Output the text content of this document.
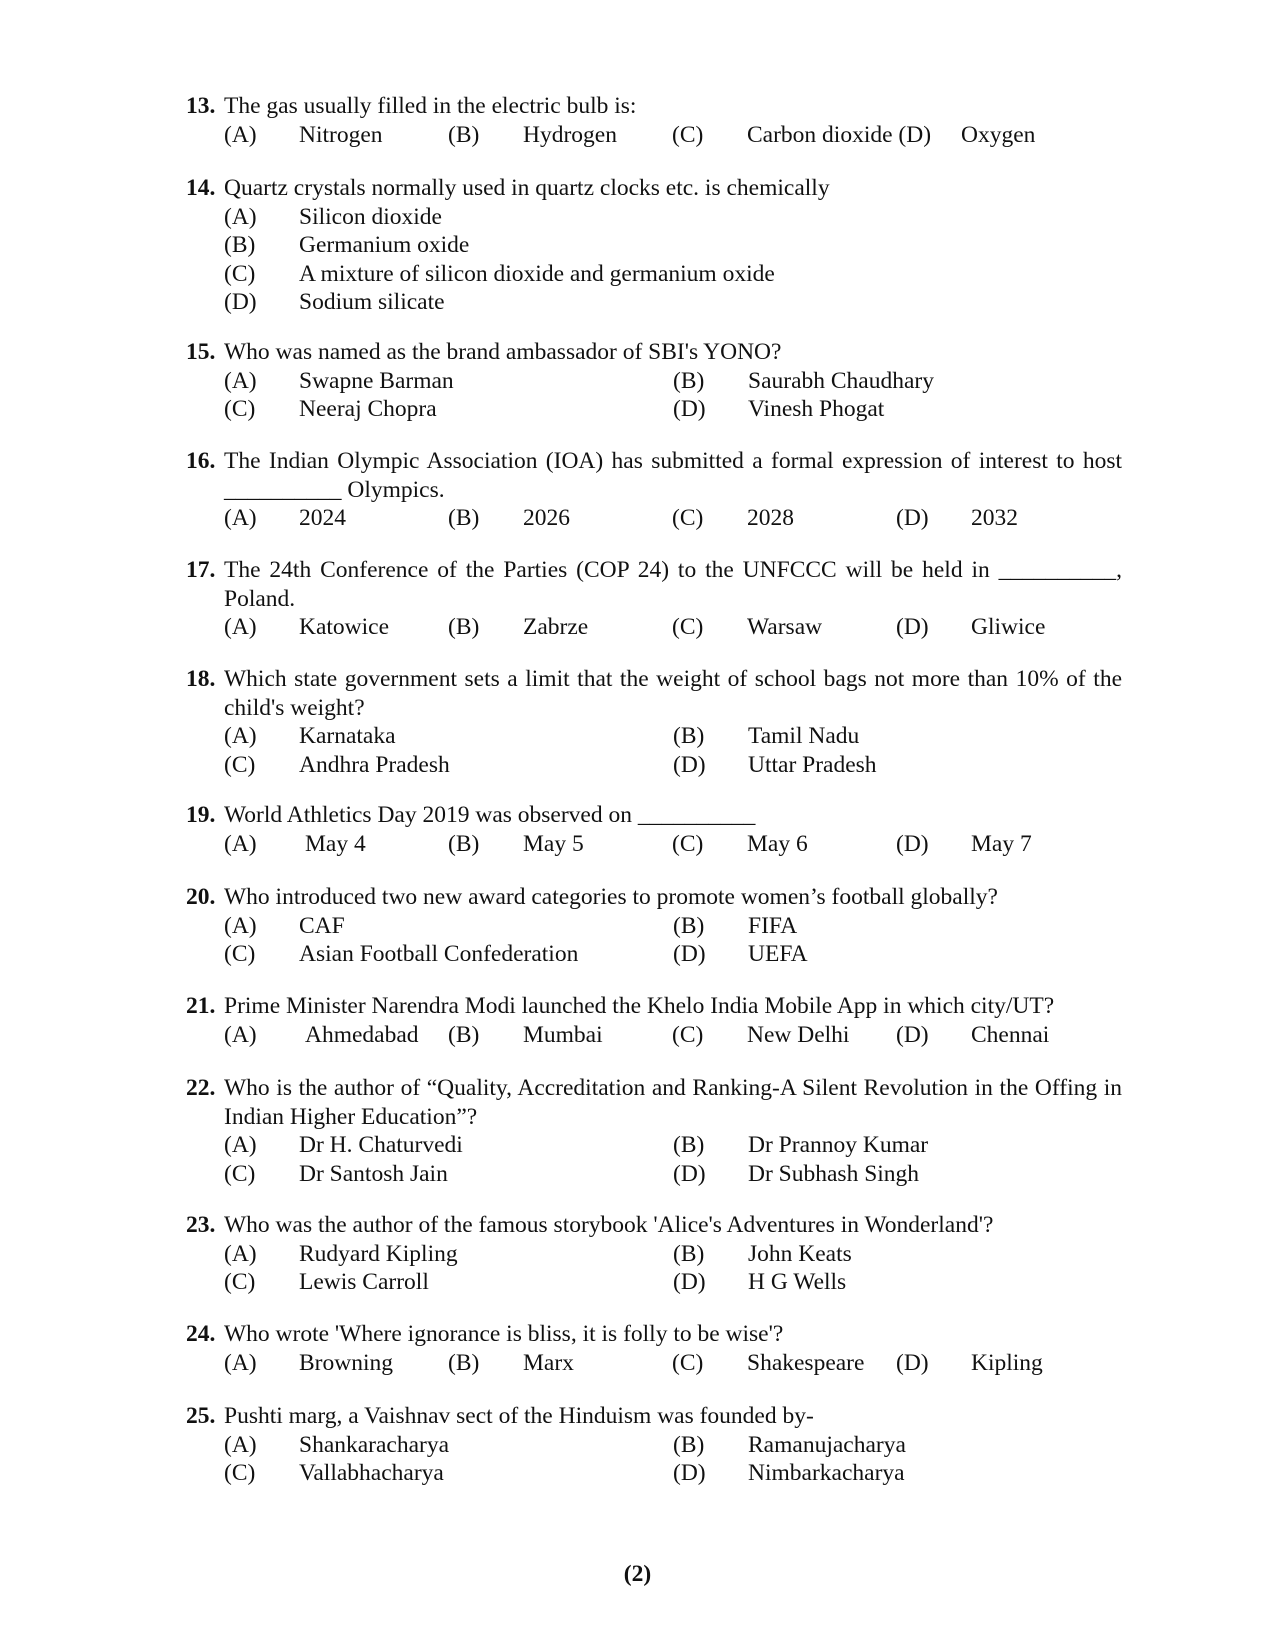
13. The gas usually filled in the electric bulb is:
(A)	Nitrogen	(B)	Hydrogen	(C)	Carbon dioxide (D)	Oxygen
14. Quartz crystals normally used in quartz clocks etc. is chemically
(A)	Silicon dioxide
(B)	Germanium oxide
(C)	A mixture of silicon dioxide and germanium oxide
(D)	Sodium silicate
15. Who was named as the brand ambassador of SBI's YONO?
(A)	Swapne Barman	(B)	Saurabh Chaudhary
(C)	Neeraj Chopra	(D)	Vinesh Phogat
16. The Indian Olympic Association (IOA) has submitted a formal expression of interest to host __________ Olympics.
(A)	2024	(B)	2026	(C)	2028	(D)	2032
17. The 24th Conference of the Parties (COP 24) to the UNFCCC will be held in __________, Poland.
(A)	Katowice	(B)	Zabrze	(C)	Warsaw	(D)	Gliwice
18. Which state government sets a limit that the weight of school bags not more than 10% of the child's weight?
(A)	Karnataka	(B)	Tamil Nadu
(C)	Andhra Pradesh	(D)	Uttar Pradesh
19. World Athletics Day 2019 was observed on __________
(A)	May 4	(B)	May 5	(C)	May 6	(D)	May 7
20. Who introduced two new award categories to promote women’s football globally?
(A)	CAF	(B)	FIFA
(C)	Asian Football Confederation	(D)	UEFA
21. Prime Minister Narendra Modi launched the Khelo India Mobile App in which city/UT?
(A)	Ahmedabad	(B)	Mumbai	(C)	New Delhi	(D)	Chennai
22. Who is the author of “Quality, Accreditation and Ranking-A Silent Revolution in the Offing in Indian Higher Education”?
(A)	Dr H. Chaturvedi	(B)	Dr Prannoy Kumar
(C)	Dr Santosh Jain	(D)	Dr Subhash Singh
23. Who was the author of the famous storybook 'Alice's Adventures in Wonderland'?
(A)	Rudyard Kipling	(B)	John Keats
(C)	Lewis Carroll	(D)	H G Wells
24. Who wrote 'Where ignorance is bliss, it is folly to be wise'?
(A)	Browning	(B)	Marx	(C)	Shakespeare	(D)	Kipling
25. Pushti marg, a Vaishnav sect of the Hinduism was founded by-
(A)	Shankaracharya	(B)	Ramanujacharya
(C)	Vallabhacharya	(D)	Nimbarkacharya
(2)
